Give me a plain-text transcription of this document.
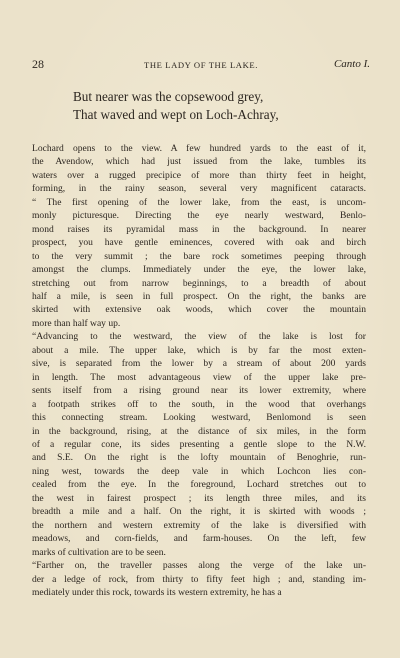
28	THE LADY OF THE LAKE.	Canto I.
But nearer was the copsewood grey,
That waved and wept on Loch-Achray,
Lochard opens to the view. A few hundred yards to the east of it,
the Avendow, which had just issued from the lake, tumbles its
waters over a rugged precipice of more than thirty feet in height,
forming, in the rainy season, several very magnificent cataracts.
“ The first opening of the lower lake, from the east, is uncom-
monly picturesque. Directing the eye nearly westward, Benlo-
mond raises its pyramidal mass in the background. In nearer
prospect, you have gentle eminences, covered with oak and birch
to the very summit ; the bare rock sometimes peeping through
amongst the clumps. Immediately under the eye, the lower lake,
stretching out from narrow beginnings, to a breadth of about
half a mile, is seen in full prospect. On the right, the banks are
skirted with extensive oak woods, which cover the mountain
more than half way up.
“Advancing to the westward, the view of the lake is lost for
about a mile. The upper lake, which is by far the most exten-
sive, is separated from the lower by a stream of about 200 yards
in length. The most advantageous view of the upper lake pre-
sents itself from a rising ground near its lower extremity, where
a footpath strikes off to the south, in the wood that overhangs
this connecting stream. Looking westward, Benlomond is seen
in the background, rising, at the distance of six miles, in the form
of a regular cone, its sides presenting a gentle slope to the N.W.
and S.E. On the right is the lofty mountain of Benoghrie, run-
ning west, towards the deep vale in which Lochcon lies con-
cealed from the eye. In the foreground, Lochard stretches out to
the west in fairest prospect ; its length three miles, and its
breadth a mile and a half. On the right, it is skirted with woods ;
the northern and western extremity of the lake is diversified with
meadows, and corn-fields, and farm-houses. On the left, few
marks of cultivation are to be seen.
“Farther on, the traveller passes along the verge of the lake un-
der a ledge of rock, from thirty to fifty feet high ; and, standing im-
mediately under this rock, towards its western extremity, he has a
